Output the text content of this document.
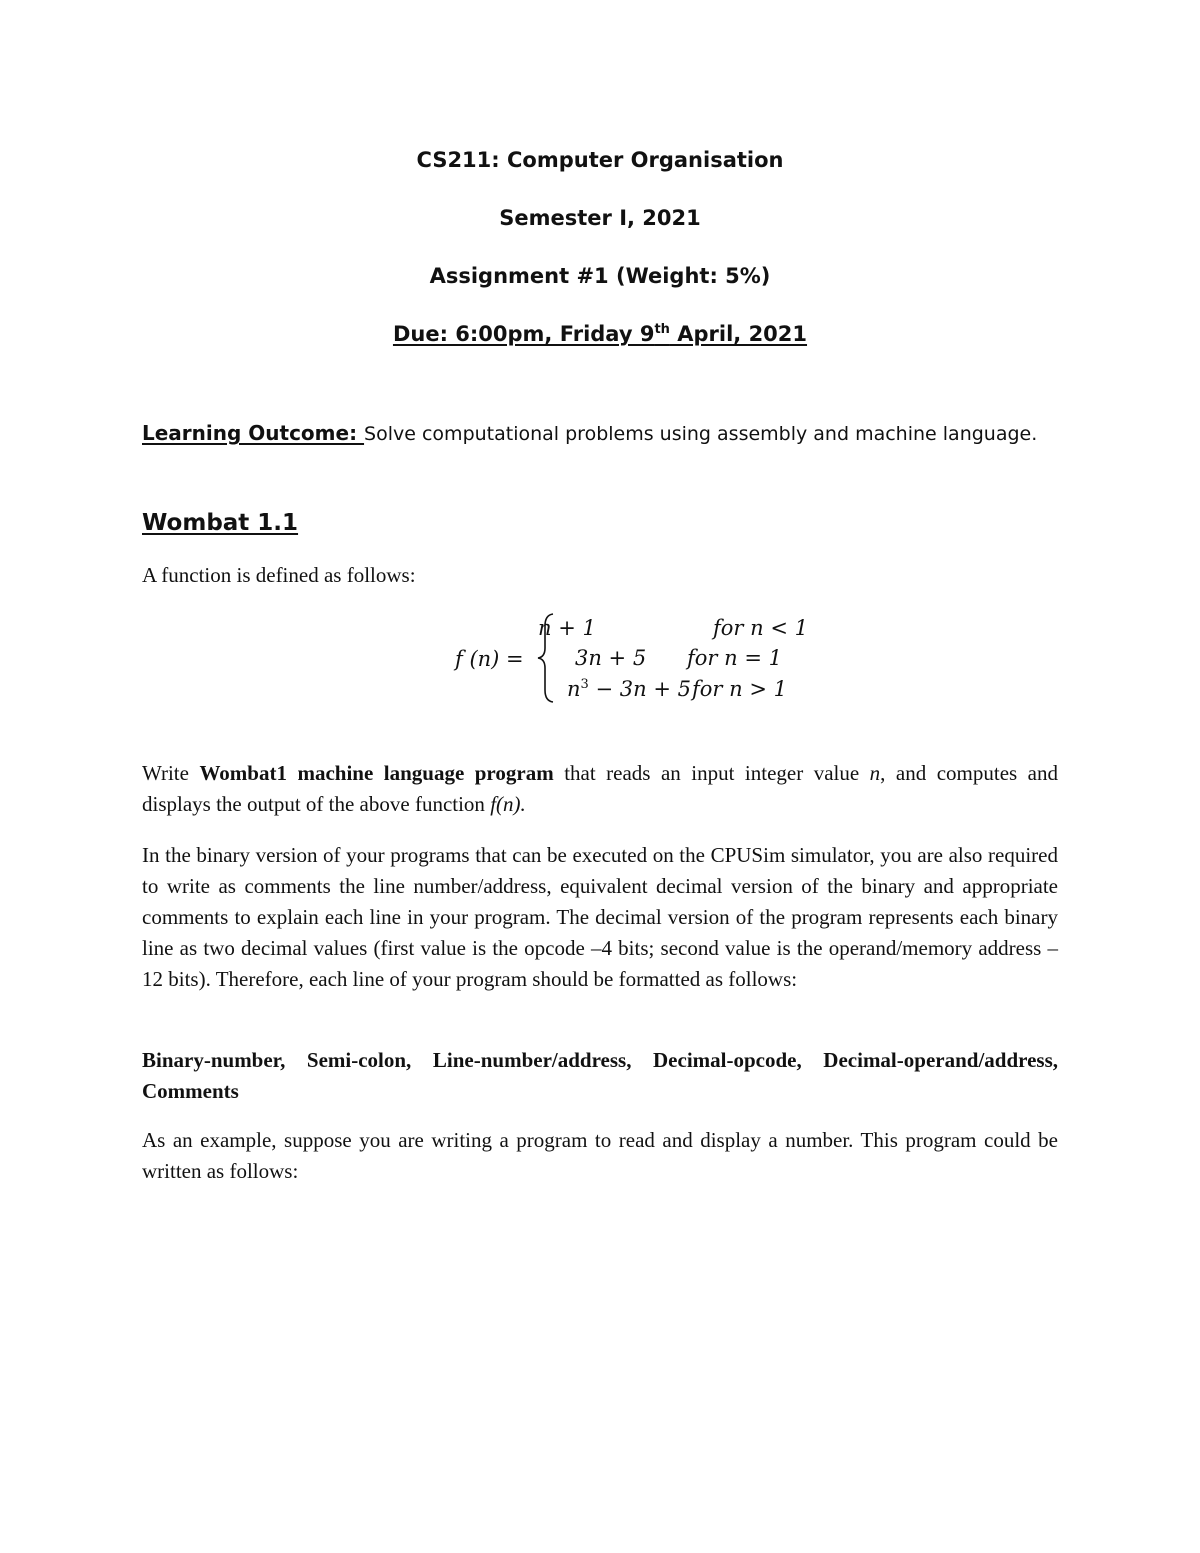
CS211: Computer Organisation
Semester I, 2021
Assignment #1 (Weight: 5%)
Due: 6:00pm, Friday 9th April, 2021
Learning Outcome: Solve computational problems using assembly and machine language.
Wombat 1.1
A function is defined as follows:
f (n) =
n + 1	for n < 1
3n + 5 for n = 1
$n^3 - 3n + 5$ for n > 1
Write Wombat1 machine language program that reads an input integer value n, and computes and displays the output of the above function f(n).
In the binary version of your programs that can be executed on the CPUSim simulator, you are also required to write as comments the line number/address, equivalent decimal version of the binary and appropriate comments to explain each line in your program. The decimal version of the program represents each binary line as two decimal values (first value is the opcode –4 bits; second value is the operand/memory address – 12 bits). Therefore, each line of your program should be formatted as follows:
Binary-number, Semi-colon, Line-number/address, Decimal-opcode, Decimal-operand/address, Comments
As an example, suppose you are writing a program to read and display a number. This program could be written as follows:
